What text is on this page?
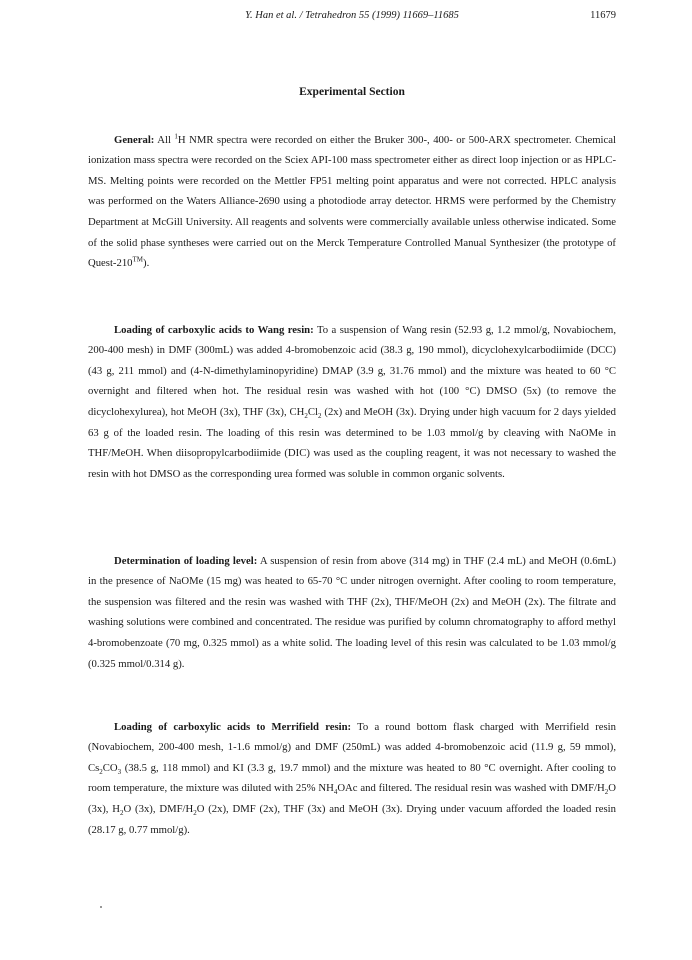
Y. Han et al. / Tetrahedron 55 (1999) 11669–11685	11679
Experimental Section

General: All $^1$H NMR spectra were recorded on either the Bruker 300-, 400- or 500-ARX spectrometer. Chemical ionization mass spectra were recorded on the Sciex API-100 mass spectrometer either as direct loop injection or as HPLC-MS. Melting points were recorded on the Mettler FP51 melting point apparatus and were not corrected. HPLC analysis was performed on the Waters Alliance-2690 using a photodiode array detector. HRMS were performed by the Chemistry Department at McGill University. All reagents and solvents were commercially available unless otherwise indicated. Some of the solid phase syntheses were carried out on the Merck Temperature Controlled Manual Synthesizer (the prototype of Quest-210™).

Loading of carboxylic acids to Wang resin: To a suspension of Wang resin (52.93 g, 1.2 mmol/g, Novabiochem, 200-400 mesh) in DMF (300mL) was added 4-bromobenzoic acid (38.3 g, 190 mmol), dicyclohexylcarbodiimide (DCC) (43 g, 211 mmol) and (4-N-dimethylaminopyridine) DMAP (3.9 g, 31.76 mmol) and the mixture was heated to 60 °C overnight and filtered when hot. The residual resin was washed with hot (100 °C) DMSO (5x) (to remove the dicyclohexylurea), hot MeOH (3x), THF (3x), $CH_2Cl_2$ (2x) and MeOH (3x). Drying under high vacuum for 2 days yielded 63 g of the loaded resin. The loading of this resin was determined to be 1.03 mmol/g by cleaving with NaOMe in THF/MeOH. When diisopropylcarbodiimide (DIC) was used as the coupling reagent, it was not necessary to washed the resin with hot DMSO as the corresponding urea formed was soluble in common organic solvents.

Determination of loading level: A suspension of resin from above (314 mg) in THF (2.4 mL) and MeOH (0.6mL) in the presence of NaOMe (15 mg) was heated to 65-70 °C under nitrogen overnight. After cooling to room temperature, the suspension was filtered and the resin was washed with THF (2x), THF/MeOH (2x) and MeOH (2x). The filtrate and washing solutions were combined and concentrated. The residue was purified by column chromatography to afford methyl 4-bromobenzoate (70 mg, 0.325 mmol) as a white solid. The loading level of this resin was calculated to be 1.03 mmol/g (0.325 mmol/0.314 g).

Loading of carboxylic acids to Merrifield resin: To a round bottom flask charged with Merrifield resin (Novabiochem, 200-400 mesh, 1-1.6 mmol/g) and DMF (250mL) was added 4-bromobenzoic acid (11.9 g, 59 mmol), $Cs_2CO_3$ (38.5 g, 118 mmol) and KI (3.3 g, 19.7 mmol) and the mixture was heated to 80 °C overnight. After cooling to room temperature, the mixture was diluted with 25% $NH_4OAc$ and filtered. The residual resin was washed with DMF/$H_2O$ (3x), $H_2O$ (3x), DMF/$H_2O$ (2x), DMF (2x), THF (3x) and MeOH (3x). Drying under vacuum afforded the loaded resin (28.17 g, 0.77 mmol/g).
